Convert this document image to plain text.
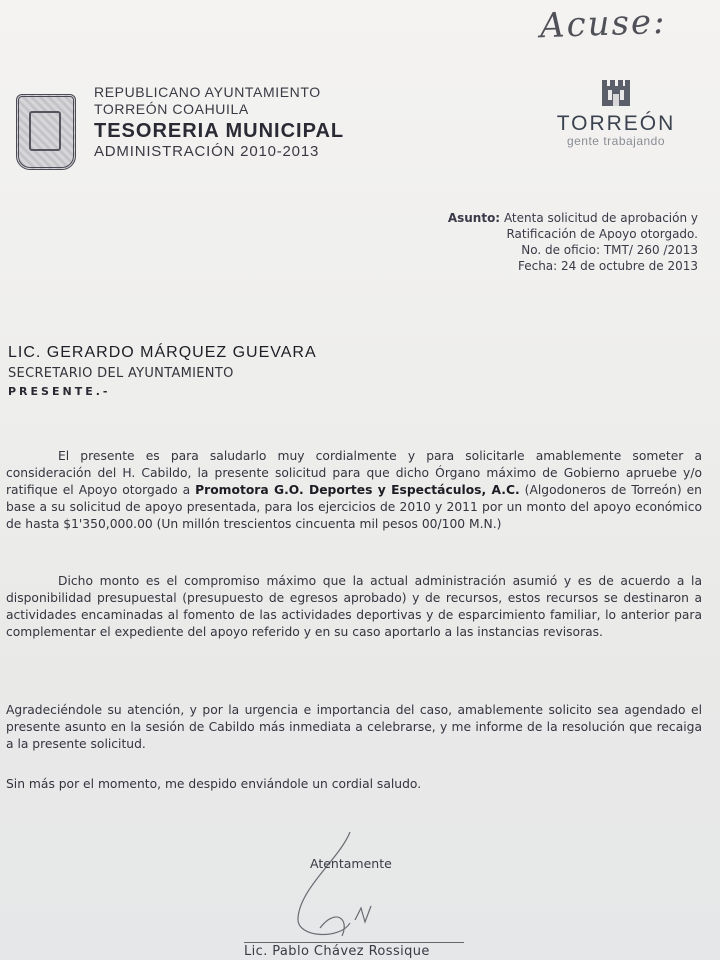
Acuse:
REPUBLICANO AYUNTAMIENTO
TORREÓN COAHUILA
TESORERIA MUNICIPAL
ADMINISTRACIÓN 2010-2013
TORREÓN
gente trabajando
Asunto: Atenta solicitud de aprobación y
Ratificación de Apoyo otorgado.
No. de oficio: TMT/ 260 /2013
Fecha: 24 de octubre de 2013
LIC. GERARDO MÁRQUEZ GUEVARA
SECRETARIO DEL AYUNTAMIENTO
PRESENTE.-
El presente es para saludarlo muy cordialmente y para solicitarle amablemente someter a consideración del H. Cabildo, la presente solicitud para que dicho Órgano máximo de Gobierno apruebe y/o ratifique el Apoyo otorgado a Promotora G.O. Deportes y Espectáculos, A.C. (Algodoneros de Torreón) en base a su solicitud de apoyo presentada, para los ejercicios de 2010 y 2011 por un monto del apoyo económico de hasta $1'350,000.00 (Un millón trescientos cincuenta mil pesos 00/100 M.N.)
Dicho monto es el compromiso máximo que la actual administración asumió y es de acuerdo a la disponibilidad presupuestal (presupuesto de egresos aprobado) y de recursos, estos recursos se destinaron a actividades encaminadas al fomento de las actividades deportivas y de esparcimiento familiar, lo anterior para complementar el expediente del apoyo referido y en su caso aportarlo a las instancias revisoras.
Agradeciéndole su atención, y por la urgencia e importancia del caso, amablemente solicito sea agendado el presente asunto en la sesión de Cabildo más inmediata a celebrarse, y me informe de la resolución que recaiga a la presente solicitud.
Sin más por el momento, me despido enviándole un cordial saludo.
Atentamente
Lic. Pablo Chávez Rossique
